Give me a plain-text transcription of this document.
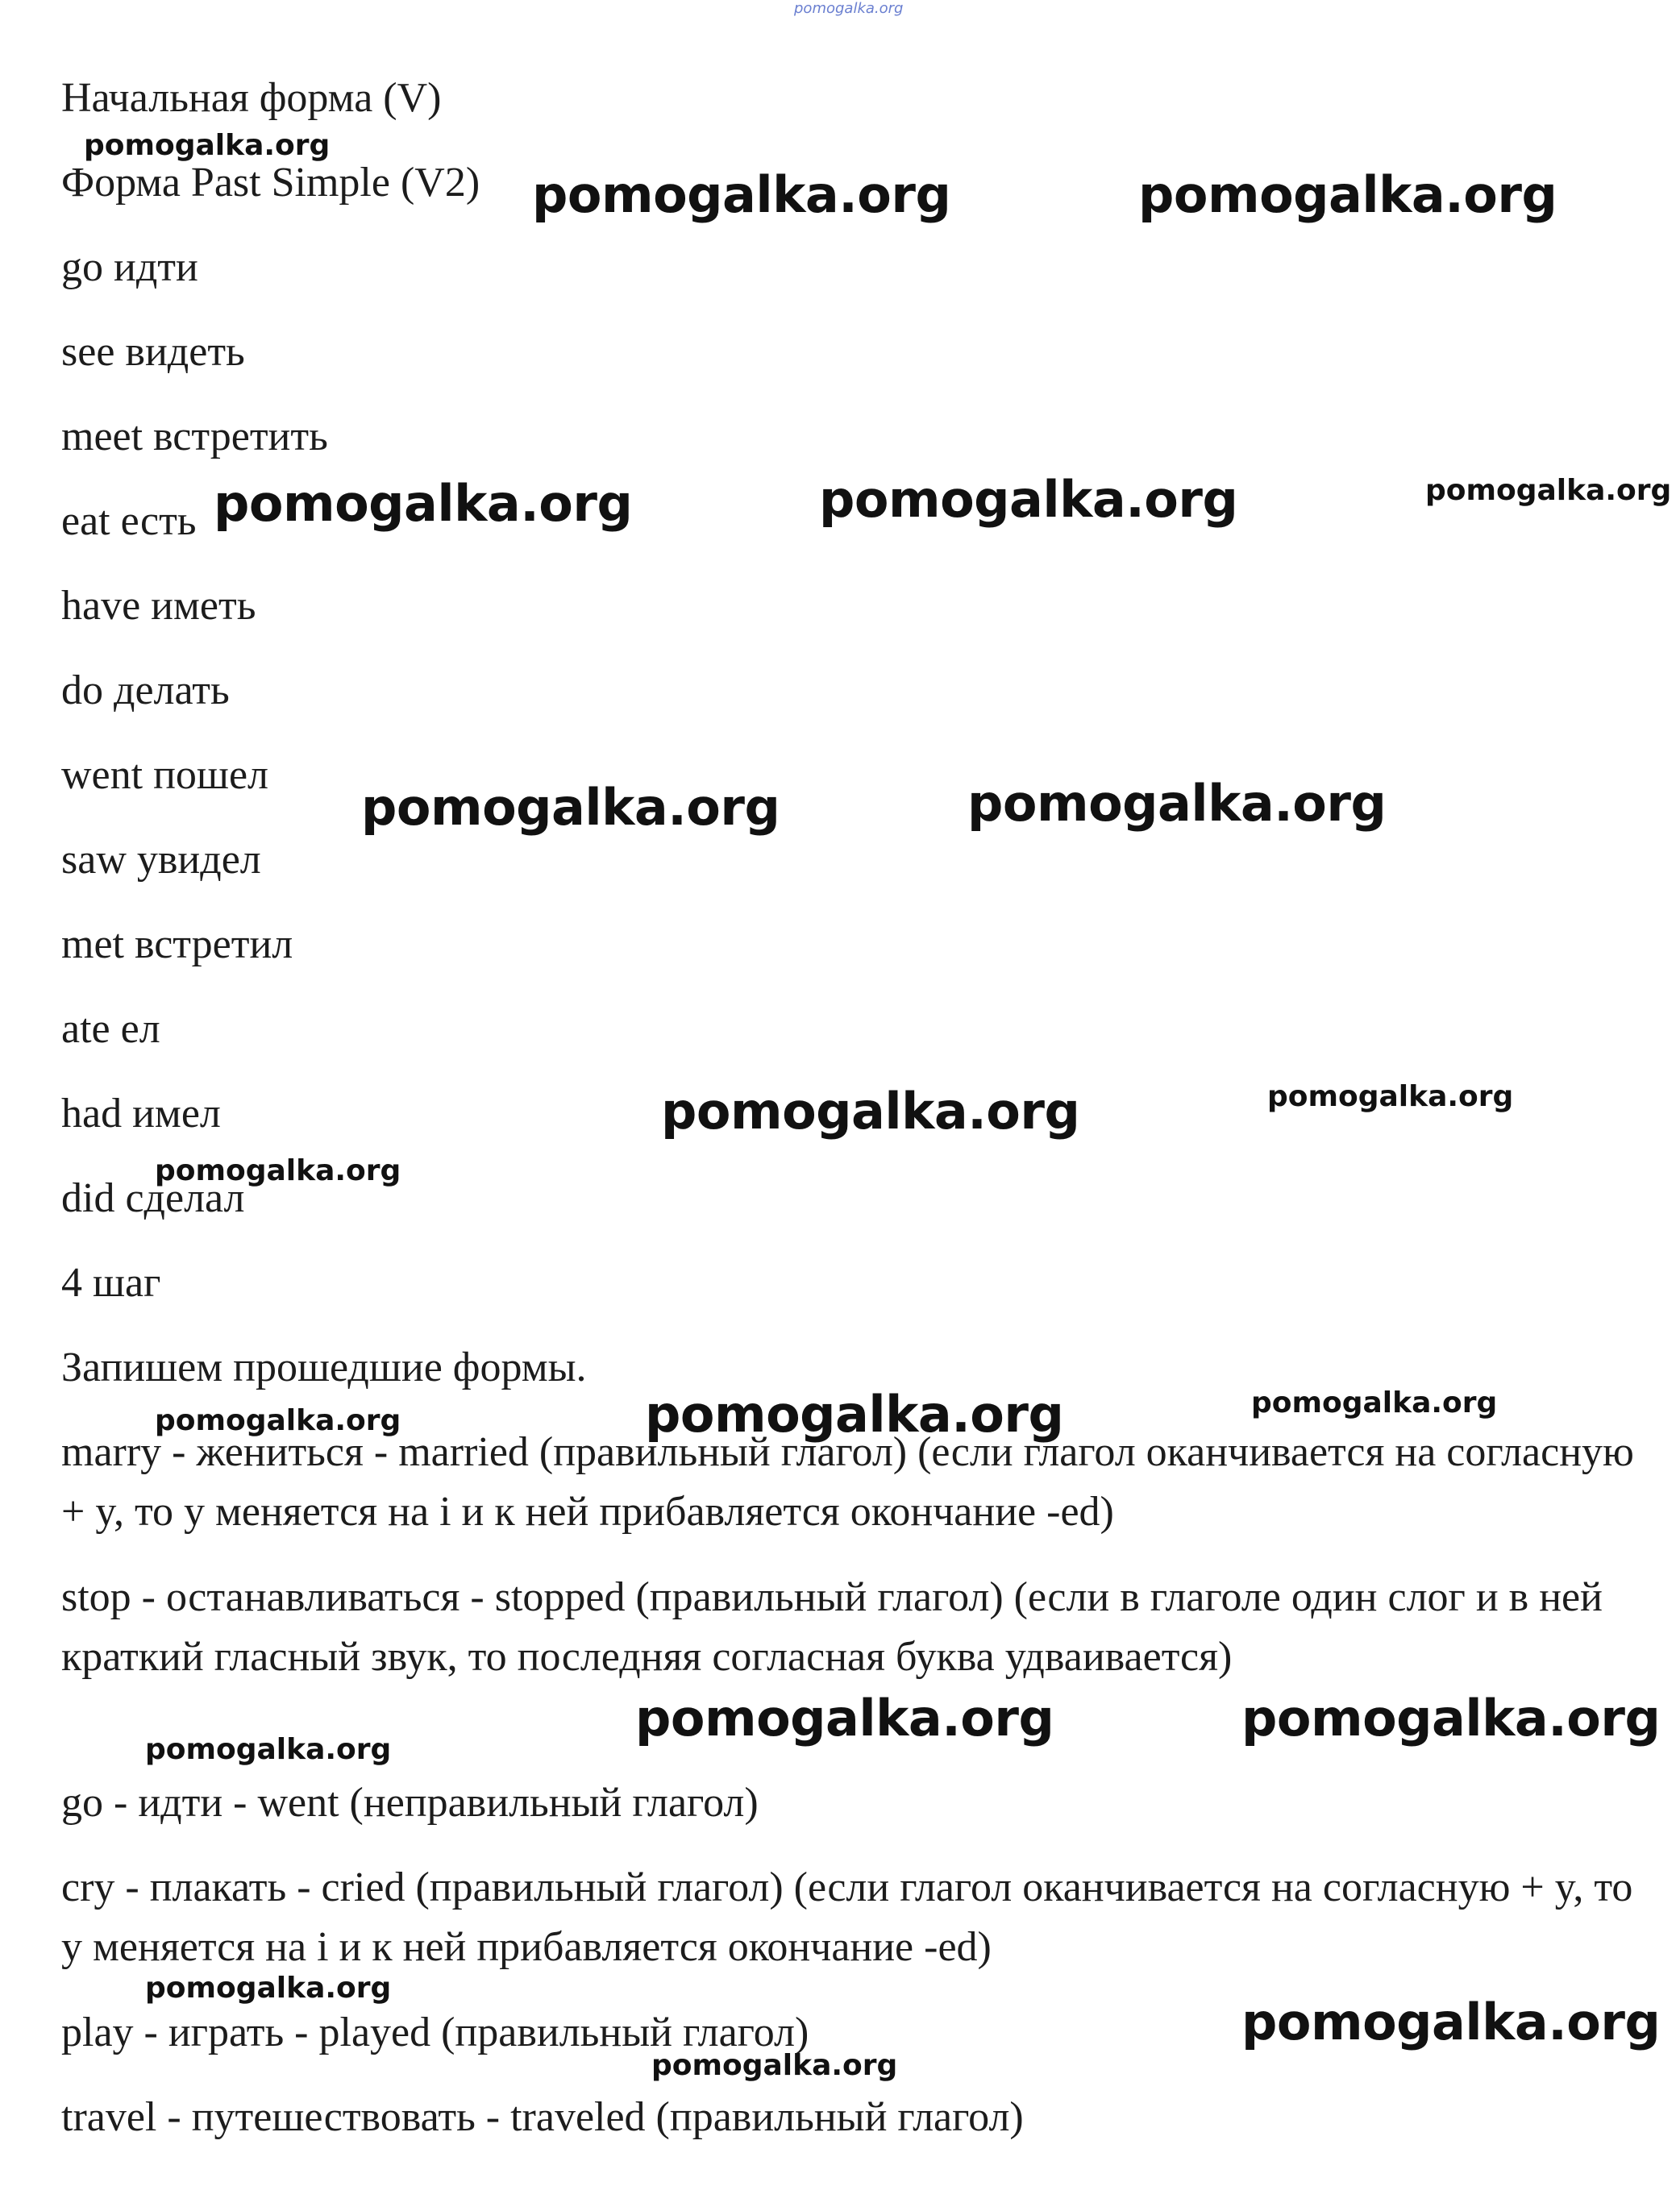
pomogalka.org
Начальная форма (V)
Форма Past Simple (V2)
go идти
see видеть
meet встретить
eat есть
have иметь
do делать
went пошел
saw увидел
met встретил
ate ел
had имел
did сделал
4 шаг
Запишем прошедшие формы.
marry - жениться - married (правильный глагол) (если глагол оканчивается на согласную + y, то y меняется на i и к ней прибавляется окончание -ed)
stop - останавливаться - stopped (правильный глагол) (если в глаголе один слог и в ней краткий гласный звук, то последняя согласная буква удваивается)
go - идти - went (неправильный глагол)
cry - плакать - cried (правильный глагол) (если глагол оканчивается на согласную + y, то y меняется на i и к ней прибавляется окончание -ed)
play - играть - played (правильный глагол)
travel - путешествовать - traveled (правильный глагол)
pomogalka.org
pomogalka.org	pomogalka.org
pomogalka.org	pomogalka.org	pomogalka.org
pomogalka.org	pomogalka.org
pomogalka.org	pomogalka.org
pomogalka.org
pomogalka.org
pomogalka.org
pomogalka.org
pomogalka.org	pomogalka.org
pomogalka.org
pomogalka.org
pomogalka.org
pomogalka.org
